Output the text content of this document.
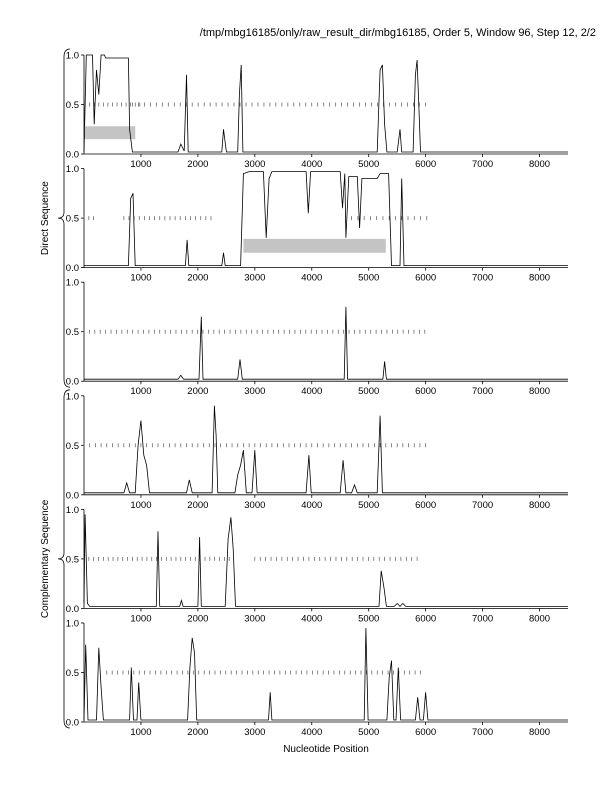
/tmp/mbg16185/only/raw_result_dir/mbg16185, Order 5, Window 96, Step 12, 2/2
0.0
0.5
1.0
1000	2000	3000	4000	5000	6000	7000	8000
0.0
0.5
1.0
1000	2000	3000	4000	5000	6000	7000	8000
0.0
0.5
1.0
1000	2000	3000	4000	5000	6000	7000	8000
0.0
0.5
1.0
1000	2000	3000	4000	5000	6000	7000	8000
0.0
0.5
1.0
1000	2000	3000	4000	5000	6000	7000	8000
0.0
0.5
1.0
1000	2000	3000	4000	5000	6000	7000	8000
Direct Sequence
Complementary Sequence
Nucleotide Position
